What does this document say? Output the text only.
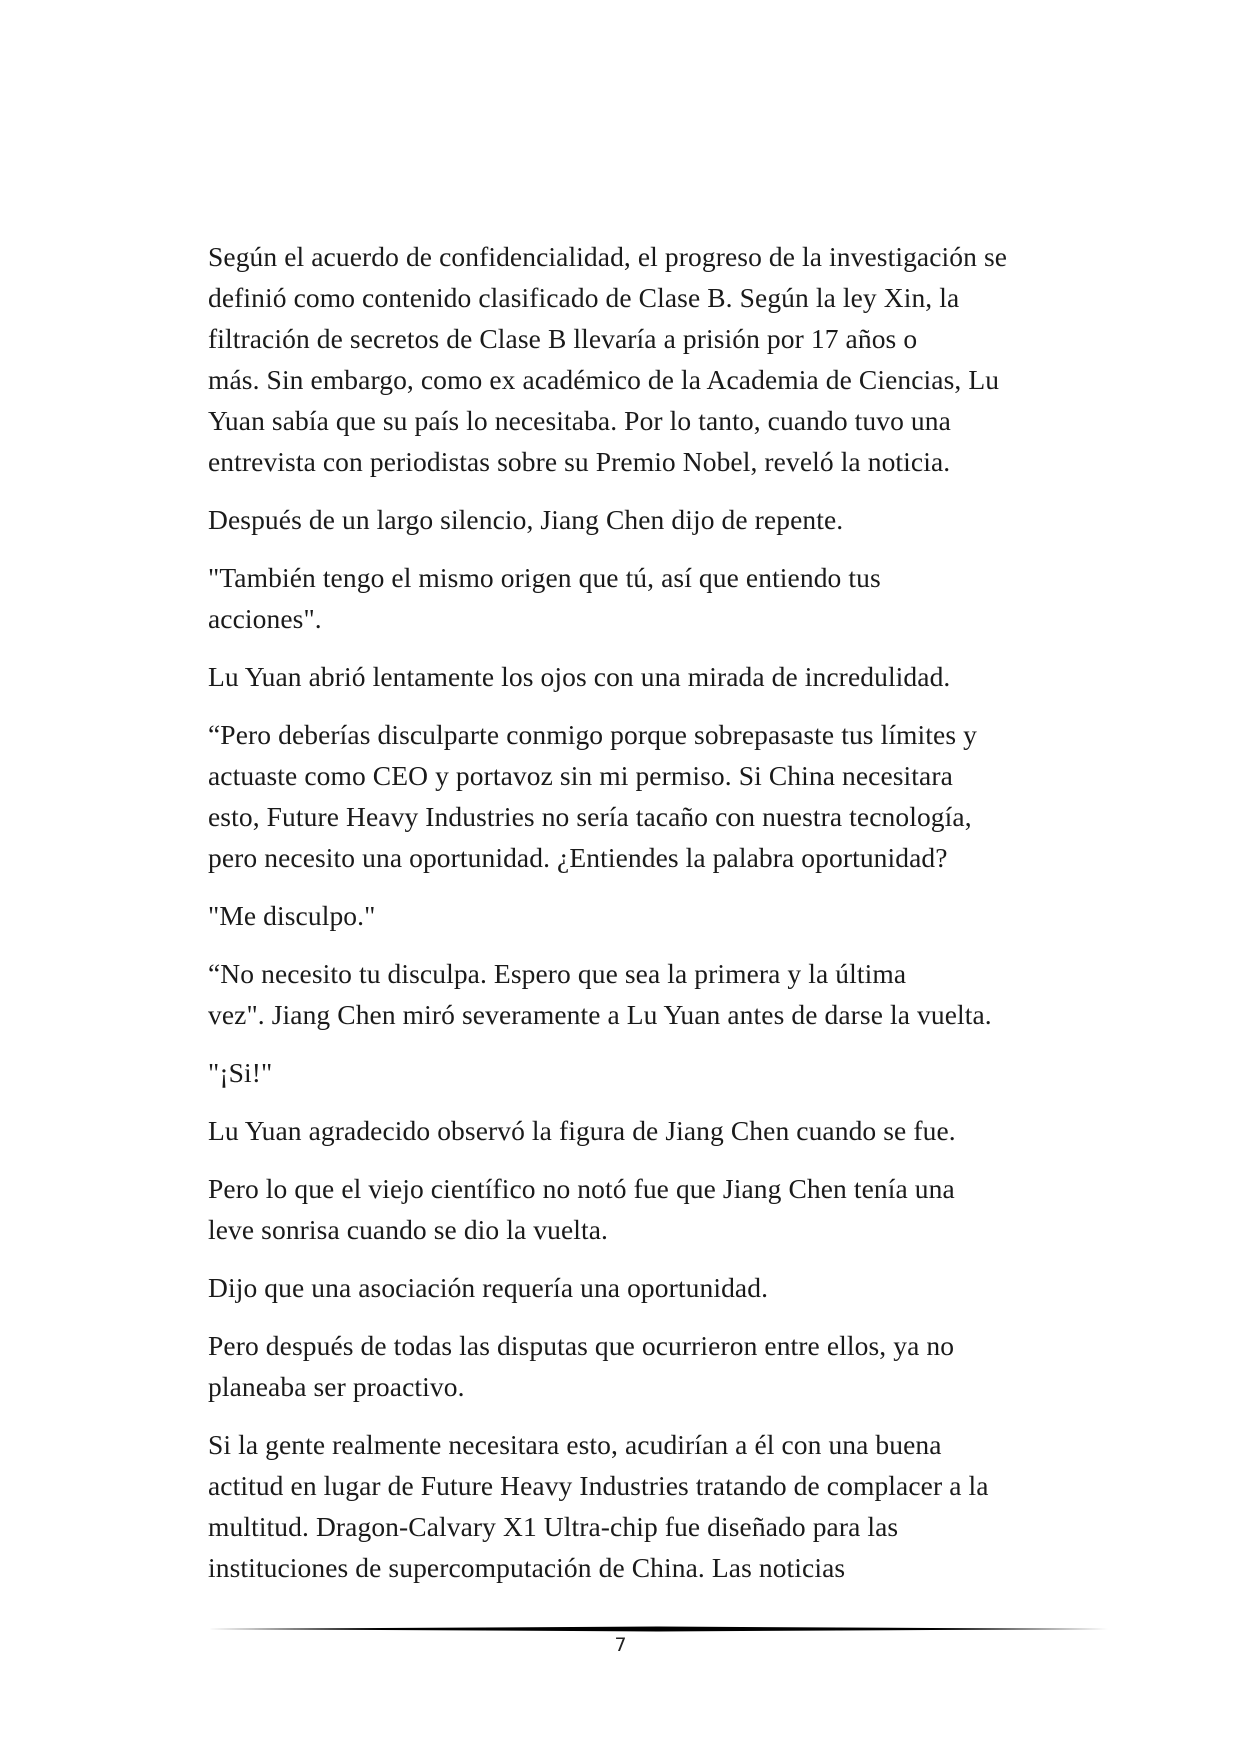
Según el acuerdo de confidencialidad, el progreso de la investigación se
definió como contenido clasificado de Clase B. Según la ley Xin, la
filtración de secretos de Clase B llevaría a prisión por 17 años o
más. Sin embargo, como ex académico de la Academia de Ciencias, Lu
Yuan sabía que su país lo necesitaba. Por lo tanto, cuando tuvo una
entrevista con periodistas sobre su Premio Nobel, reveló la noticia.

Después de un largo silencio, Jiang Chen dijo de repente.

"También tengo el mismo origen que tú, así que entiendo tus
acciones".

Lu Yuan abrió lentamente los ojos con una mirada de incredulidad.

“Pero deberías disculparte conmigo porque sobrepasaste tus límites y
actuaste como CEO y portavoz sin mi permiso. Si China necesitara
esto, Future Heavy Industries no sería tacaño con nuestra tecnología,
pero necesito una oportunidad. ¿Entiendes la palabra oportunidad?

"Me disculpo."

“No necesito tu disculpa. Espero que sea la primera y la última
vez". Jiang Chen miró severamente a Lu Yuan antes de darse la vuelta.

"¡Si!"

Lu Yuan agradecido observó la figura de Jiang Chen cuando se fue.

Pero lo que el viejo científico no notó fue que Jiang Chen tenía una
leve sonrisa cuando se dio la vuelta.

Dijo que una asociación requería una oportunidad.

Pero después de todas las disputas que ocurrieron entre ellos, ya no
planeaba ser proactivo.

Si la gente realmente necesitara esto, acudirían a él con una buena
actitud en lugar de Future Heavy Industries tratando de complacer a la
multitud. Dragon-Calvary X1 Ultra-chip fue diseñado para las
instituciones de supercomputación de China. Las noticias

7
